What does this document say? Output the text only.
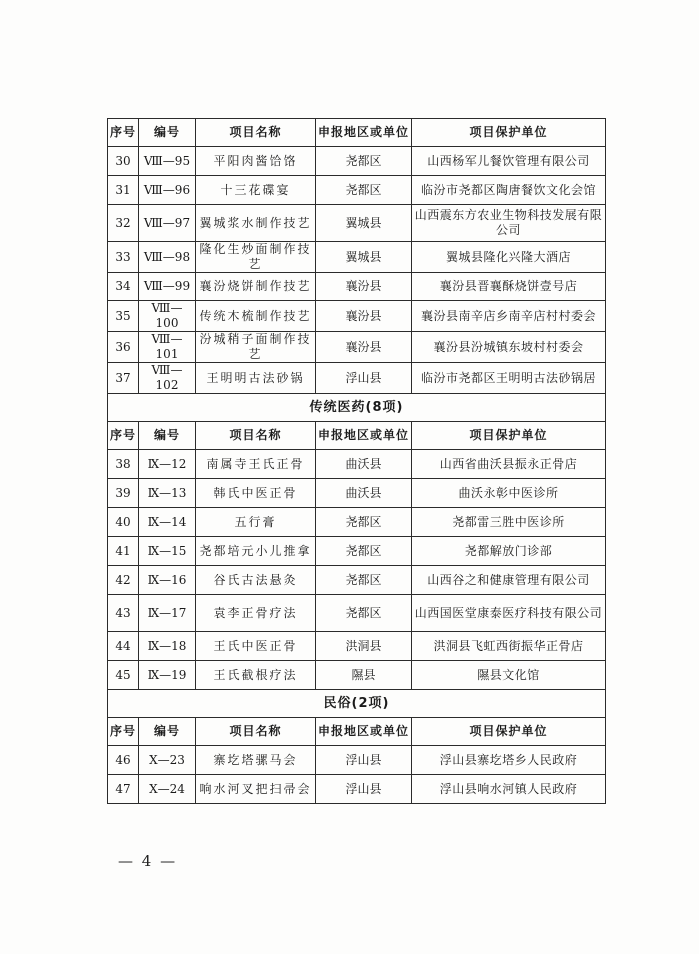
序号	编号	项目名称	申报地区或单位	项目保护单位
30	Ⅷ—95	平阳肉酱饸饹	尧都区	山西杨军儿餐饮管理有限公司
31	Ⅷ—96	十三花碟宴	尧都区	临汾市尧都区陶唐餐饮文化会馆
32	Ⅷ—97	翼城浆水制作技艺	翼城县	山西震东方农业生物科技发展有限公司
33	Ⅷ—98	隆化生炒面制作技艺	翼城县	翼城县隆化兴隆大酒店
34	Ⅷ—99	襄汾烧饼制作技艺	襄汾县	襄汾县晋襄酥烧饼壹号店
35	Ⅷ—100	传统木梳制作技艺	襄汾县	襄汾县南辛店乡南辛店村村委会
36	Ⅷ—101	汾城稍子面制作技艺	襄汾县	襄汾县汾城镇东坡村村委会
37	Ⅷ—102	王明明古法砂锅	浮山县	临汾市尧都区王明明古法砂锅居
传统医药(8项)				
序号	编号	项目名称	申报地区或单位	项目保护单位
38	Ⅸ—12	南属寺王氏正骨	曲沃县	山西省曲沃县振永正骨店
39	Ⅸ—13	韩氏中医正骨	曲沃县	曲沃永彰中医诊所
40	Ⅸ—14	五行膏	尧都区	尧都雷三胜中医诊所
41	Ⅸ—15	尧都培元小儿推拿	尧都区	尧都解放门诊部
42	Ⅸ—16	谷氏古法悬灸	尧都区	山西谷之和健康管理有限公司
43	Ⅸ—17	袁李正骨疗法	尧都区	山西国医堂康泰医疗科技有限公司
44	Ⅸ—18	王氏中医正骨	洪洞县	洪洞县飞虹西街振华正骨店
45	Ⅸ—19	王氏截根疗法	隰县	隰县文化馆
民俗(2项)				
序号	编号	项目名称	申报地区或单位	项目保护单位
46	Ⅹ—23	寨圪塔骡马会	浮山县	浮山县寨圪塔乡人民政府
47	Ⅹ—24	响水河叉把扫帚会	浮山县	浮山县响水河镇人民政府
— 4 —
